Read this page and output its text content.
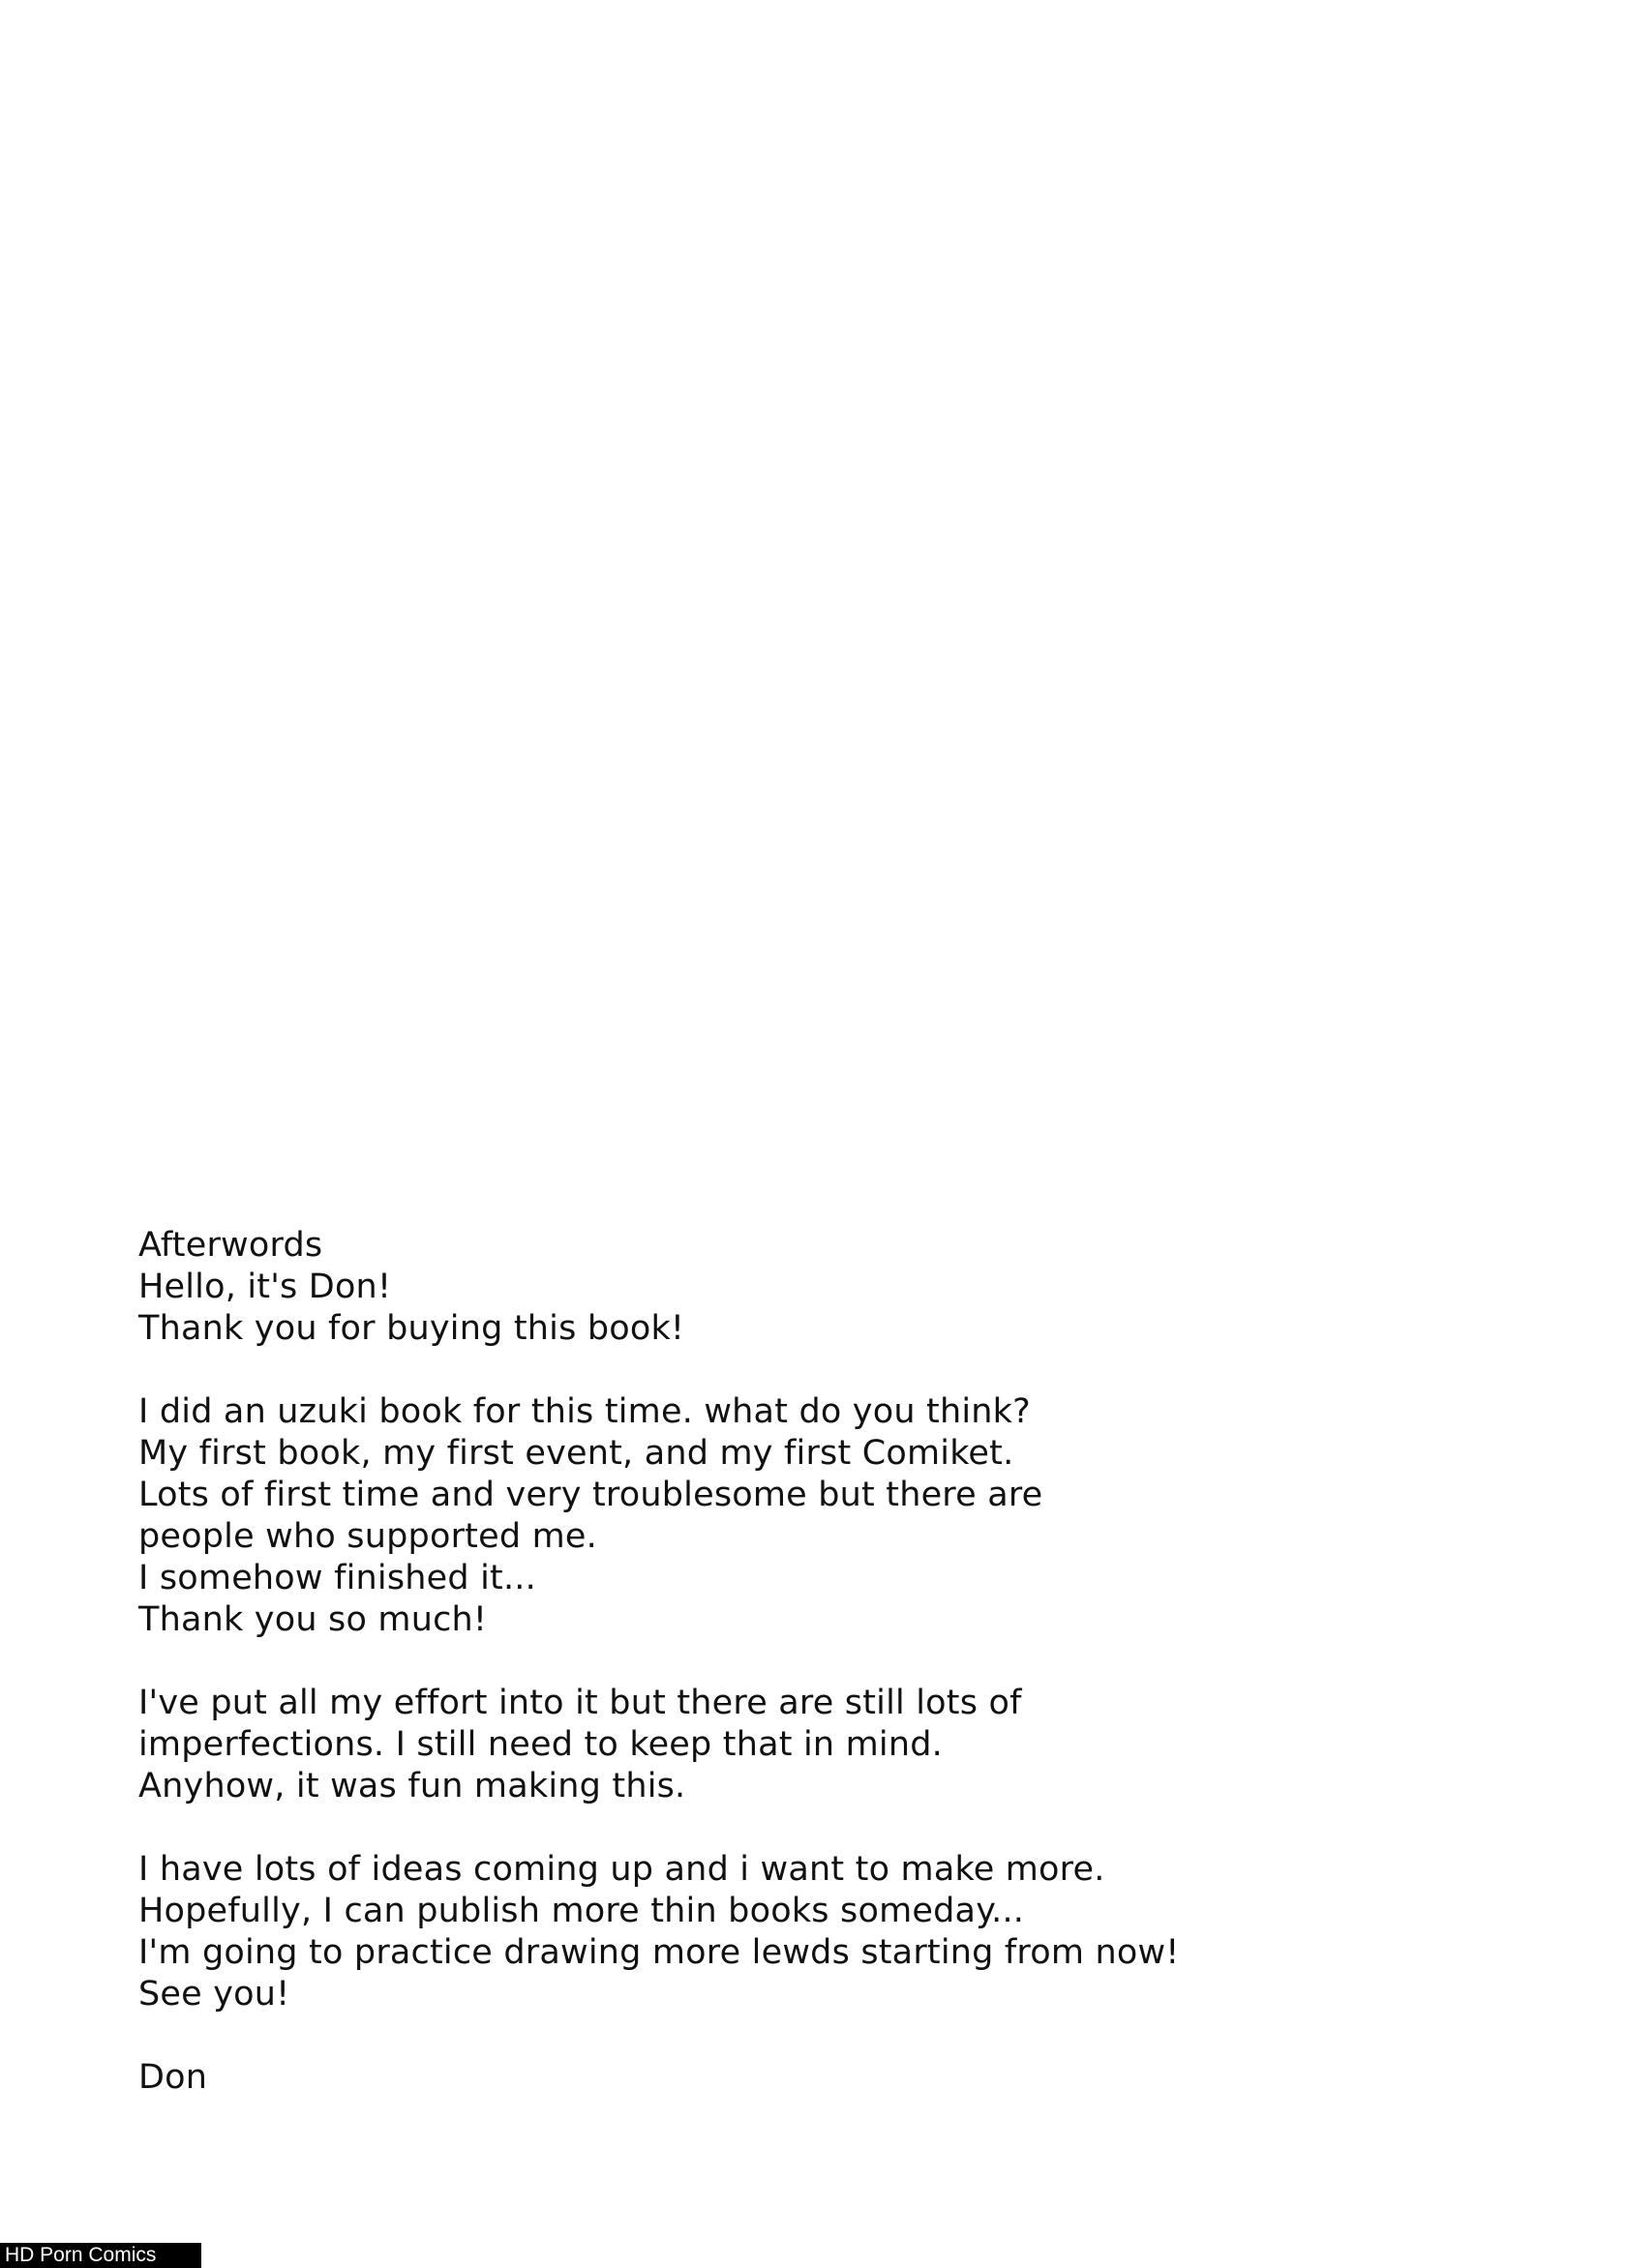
Afterwords

Hello, it's Don!
Thank you for buying this book!

I did an uzuki book for this time. what do you think?
My first book, my first event, and my first Comiket.
Lots of first time and very troublesome but there are
people who supported me.
I somehow finished it...
Thank you so much!

I've put all my effort into it but there are still lots of
imperfections. I still need to keep that in mind.
Anyhow, it was fun making this.

I have lots of ideas coming up and i want to make more.
Hopefully, I can publish more thin books someday...
I'm going to practice drawing more lewds starting from now!
See you!

Don

HD Porn Comics
